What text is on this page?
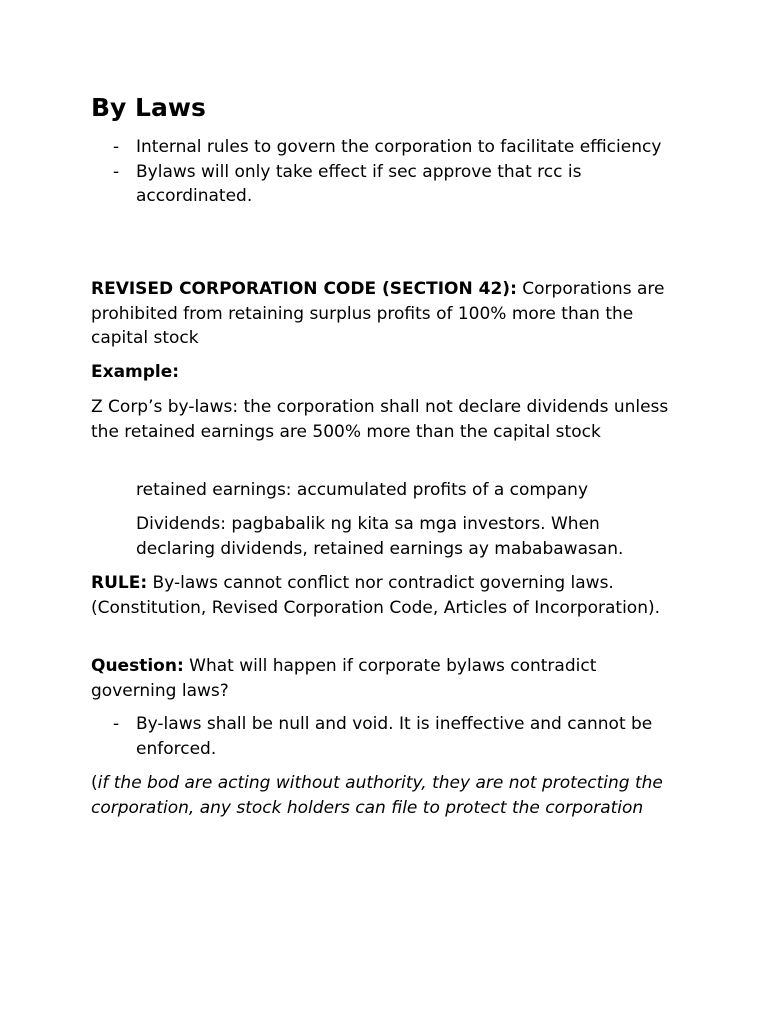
By Laws
- Internal rules to govern the corporation to facilitate efficiency
- Bylaws will only take effect if sec approve that rcc is accordinated.

REVISED CORPORATION CODE (SECTION 42): Corporations are prohibited from retaining surplus profits of 100% more than the capital stock

Example:

Z Corp’s by-laws: the corporation shall not declare dividends unless the retained earnings are 500% more than the capital stock

retained earnings: accumulated profits of a company

Dividends: pagbabalik ng kita sa mga investors. When declaring dividends, retained earnings ay mababawasan.

RULE: By-laws cannot conflict nor contradict governing laws. (Constitution, Revised Corporation Code, Articles of Incorporation).

Question: What will happen if corporate bylaws contradict governing laws?

- By-laws shall be null and void. It is ineffective and cannot be enforced.

(if the bod are acting without authority, they are not protecting the corporation, any stock holders can file to protect the corporation
